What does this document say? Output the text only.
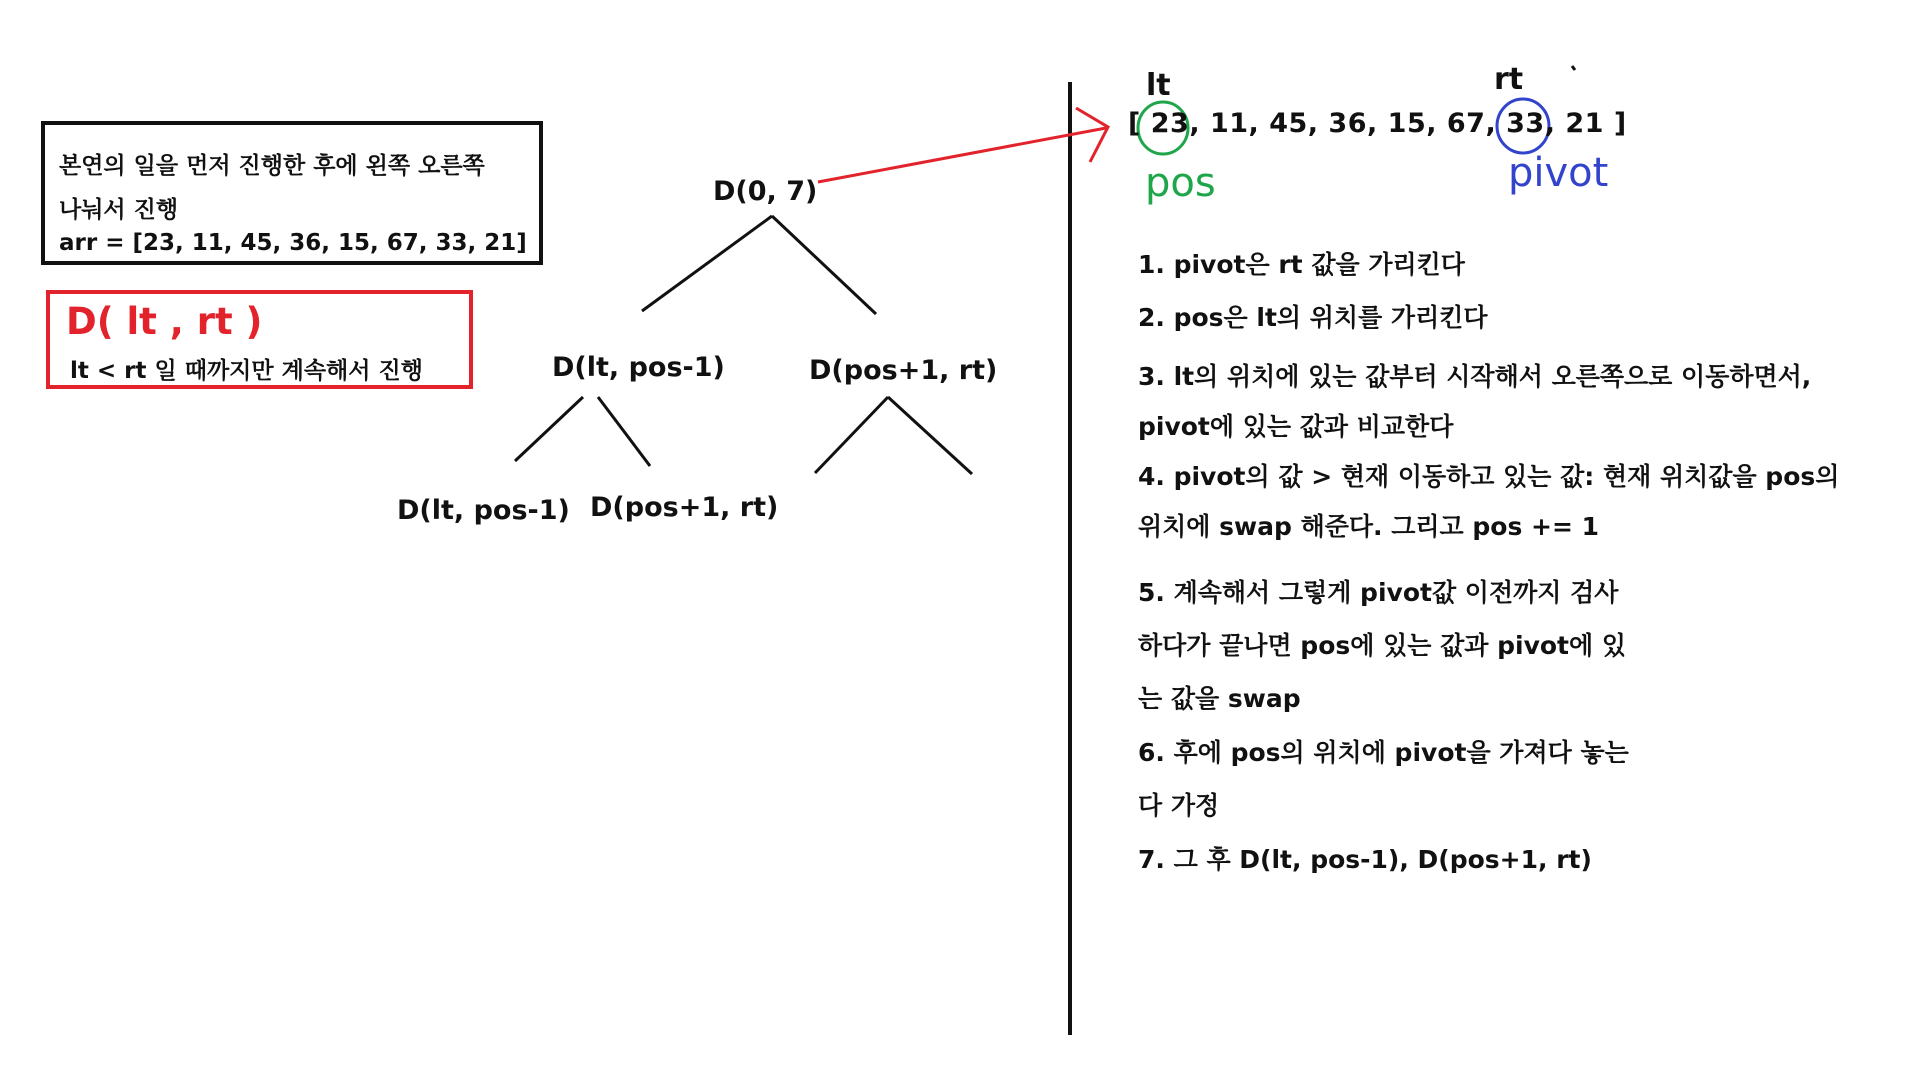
본연의 일을 먼저 진행한 후에 왼쪽 오른쪽
나눠서 진행
arr = [23, 11, 45, 36, 15, 67, 33, 21]
D( lt , rt )
lt < rt 일 때까지만 계속해서 진행
D(0, 7)
D(lt, pos-1)	D(pos+1, rt)
D(lt, pos-1) D(pos+1, rt)
lt	rt
[ 23, 11, 45, 36, 15, 67, 33, 21 ]
pos	pivot
1. pivot은 rt 값을 가리킨다
2. pos은 lt의 위치를 가리킨다
3. lt의 위치에 있는 값부터 시작해서 오른쪽으로 이동하면서,
pivot에 있는 값과 비교한다
4. pivot의 값 > 현재 이동하고 있는 값: 현재 위치값을 pos의
위치에 swap 해준다. 그리고 pos += 1
5. 계속해서 그렇게 pivot값 이전까지 검사
하다가 끝나면 pos에 있는 값과 pivot에 있
는 값을 swap
6. 후에 pos의 위치에 pivot을 가져다 놓는
다 가정
7. 그 후 D(lt, pos-1), D(pos+1, rt)
